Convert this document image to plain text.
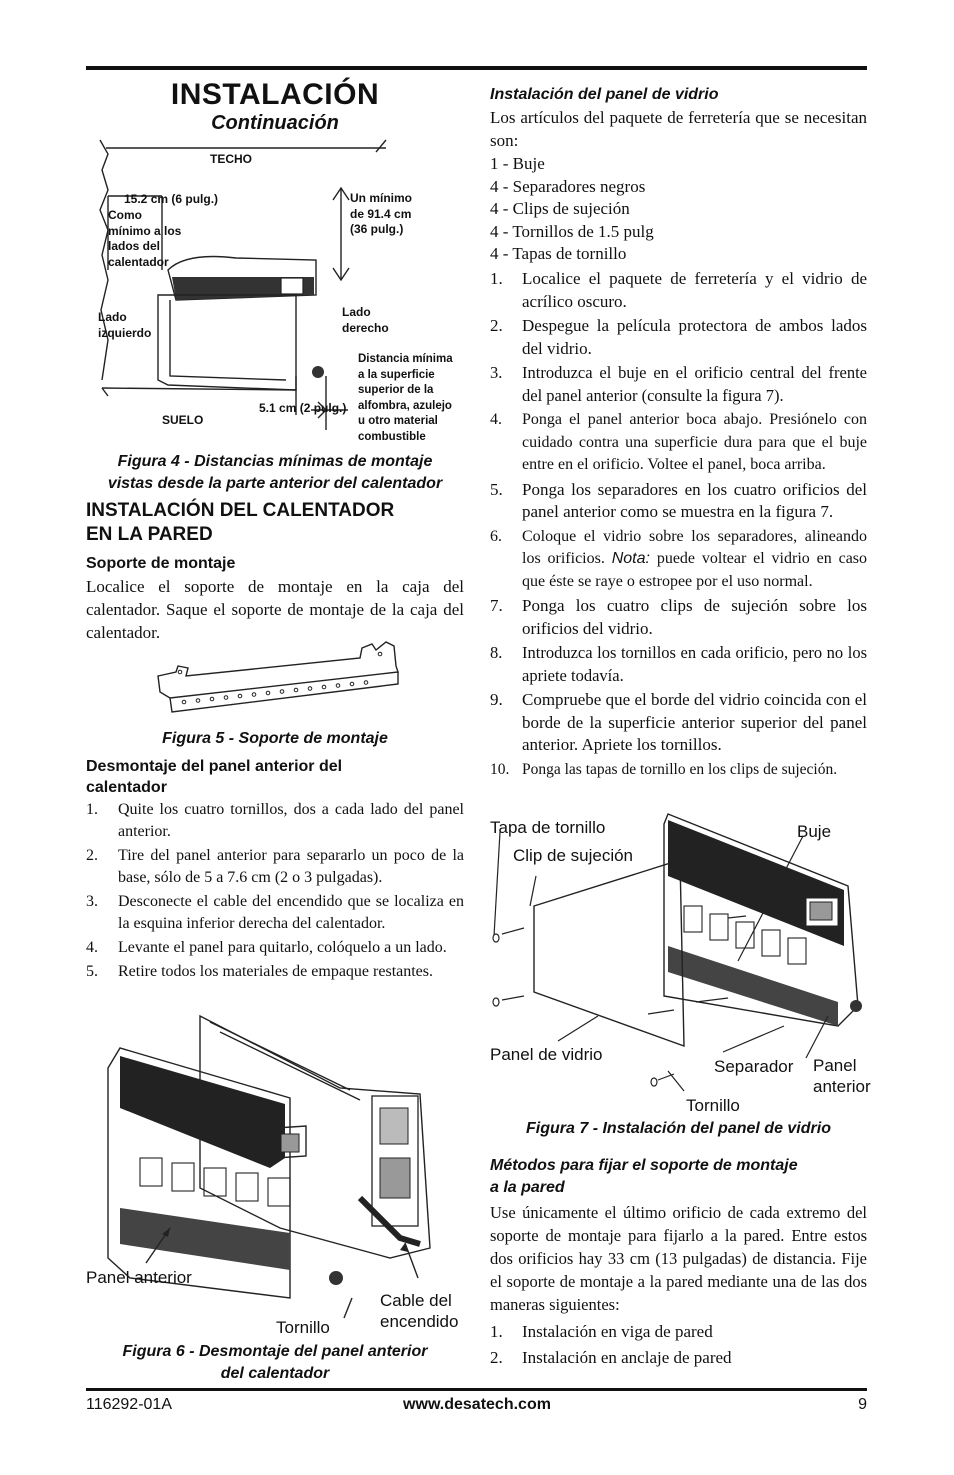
INSTALACIÓN
Continuación
TECHO
15.2 cm (6 pulg.)
Como
mínimo a los
lados del
calentador
Un mínimo
de 91.4 cm
(36 pulg.)
Lado
izquierdo
Lado
derecho
Distancia mínima
a la superficie
superior de la
alfombra, azulejo
u otro material
combustible
5.1 cm (2 pulg.)
SUELO
Figura 4 - Distancias mínimas de montaje
vistas desde la parte anterior del calentador
INSTALACIÓN DEL CALENTADOR
EN LA PARED
Soporte de montaje
Localice el soporte de montaje en la caja del calentador. Saque el soporte de montaje de la caja del calentador.
Figura 5 - Soporte de montaje
Desmontaje del panel anterior del
calentador
1. Quite los cuatro tornillos, dos a cada lado del panel anterior.
2. Tire del panel anterior para separarlo un poco de la base, sólo de 5 a 7.6 cm (2 o 3 pulgadas).
3. Desconecte el cable del encendido que se localiza en la esquina inferior derecha del calentador.
4. Levante el panel para quitarlo, colóquelo a un lado.
5. Retire todos los materiales de empaque restantes.
Panel anterior
Tornillo
Cable del
encendido
Figura 6 - Desmontaje del panel anterior
del calentador
Instalación del panel de vidrio
Los artículos del paquete de ferretería que se necesitan son:
1 - Buje
4 - Separadores negros
4 - Clips de sujeción
4 - Tornillos de 1.5 pulg
4 - Tapas de tornillo
1. Localice el paquete de ferretería y el vidrio de acrílico oscuro.
2. Despegue la película protectora de ambos lados del vidrio.
3. Introduzca el buje en el orificio central del frente del panel anterior (consulte la figura 7).
4. Ponga el panel anterior boca abajo. Presiónelo con cuidado contra una superficie dura para que el buje entre en el orificio. Voltee el panel, boca arriba.
5. Ponga los separadores en los cuatro orificios del panel anterior como se muestra en la figura 7.
6. Coloque el vidrio sobre los separadores, alineando los orificios. Nota: puede voltear el vidrio en caso que éste se raye o estropee por el uso normal.
7. Ponga los cuatro clips de sujeción sobre los orificios del vidrio.
8. Introduzca los tornillos en cada orificio, pero no los apriete todavía.
9. Compruebe que el borde del vidrio coincida con el borde de la superficie anterior superior del panel anterior. Apriete los tornillos.
10. Ponga las tapas de tornillo en los clips de sujeción.
Tapa de tornillo
Clip de sujeción
Buje
Panel de vidrio
Separador Panel
anterior
Tornillo
Figura 7 - Instalación del panel de vidrio
Métodos para fijar el soporte de montaje
a la pared
Use únicamente el último orificio de cada extremo del soporte de montaje para fijarlo a la pared. Entre estos dos orificios hay 33 cm (13 pulgadas) de distancia. Fije el soporte de montaje a la pared mediante una de las dos maneras siguientes:
1. Instalación en viga de pared
2. Instalación en anclaje de pared
116292-01A	www.desatech.com	9
